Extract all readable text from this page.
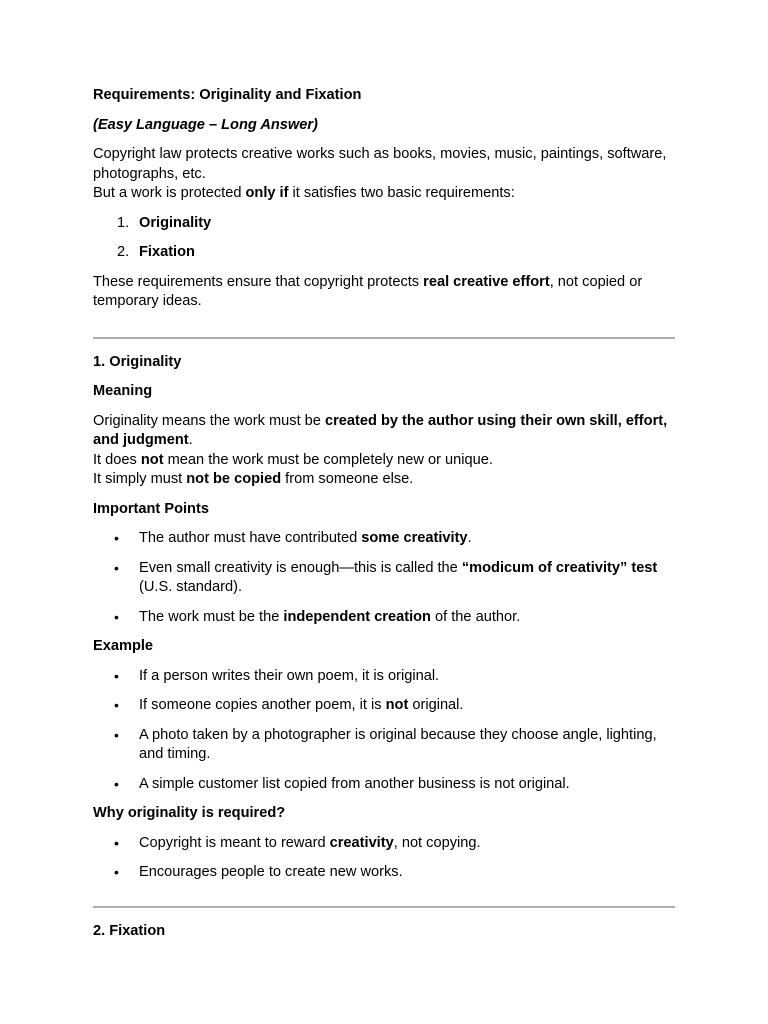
Requirements: Originality and Fixation

(Easy Language – Long Answer)

Copyright law protects creative works such as books, movies, music, paintings, software, photographs, etc.
But a work is protected only if it satisfies two basic requirements:

1. Originality
2. Fixation

These requirements ensure that copyright protects real creative effort, not copied or temporary ideas.

1. Originality

Meaning

Originality means the work must be created by the author using their own skill, effort, and judgment.
It does not mean the work must be completely new or unique.
It simply must not be copied from someone else.

Important Points

• The author must have contributed some creativity.
• Even small creativity is enough—this is called the “modicum of creativity” test (U.S. standard).
• The work must be the independent creation of the author.

Example

• If a person writes their own poem, it is original.
• If someone copies another poem, it is not original.
• A photo taken by a photographer is original because they choose angle, lighting, and timing.
• A simple customer list copied from another business is not original.

Why originality is required?

• Copyright is meant to reward creativity, not copying.
• Encourages people to create new works.

2. Fixation
